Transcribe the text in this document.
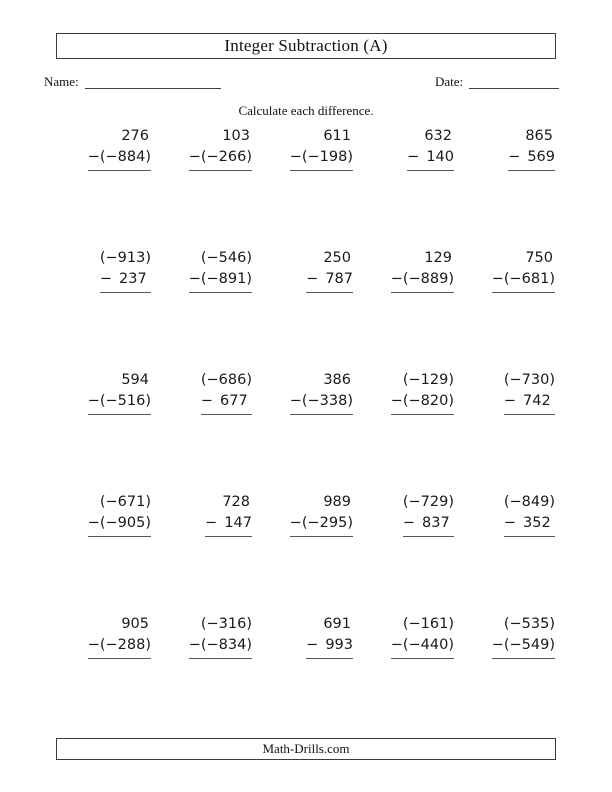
Integer Subtraction (A)
Name:	Date:
Calculate each difference.
276
− (−884)
103
− (−266)
611
− (−198)
632
− 140
865
− 569
(−913)
− 237
(−546)
− (−891)
250
− 787
129
− (−889)
750
− (−681)
594
− (−516)
(−686)
− 677
386
− (−338)
(−129)
− (−820)
(−730)
− 742
(−671)
− (−905)
728
− 147
989
− (−295)
(−729)
− 837
(−849)
− 352
905
− (−288)
(−316)
− (−834)
691
− 993
(−161)
− (−440)
(−535)
− (−549)
Math-Drills.com
